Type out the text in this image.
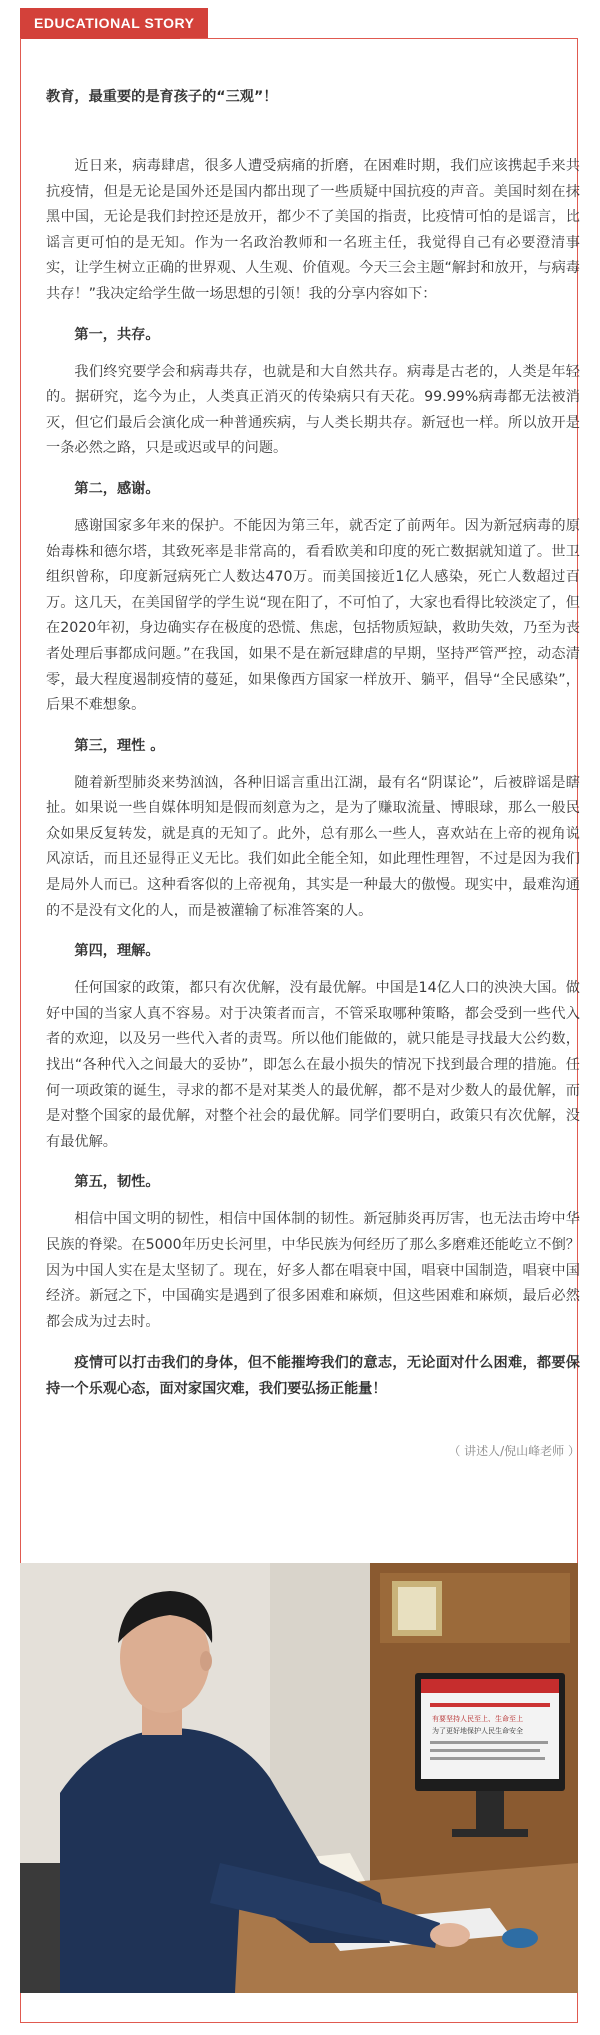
EDUCATIONAL STORY

教育，最重要的是育孩子的“三观”！

近日来，病毒肆虐，很多人遭受病痛的折磨，在困难时期，我们应该携起手来共抗疫情，但是无论是国外还是国内都出现了一些质疑中国抗疫的声音。美国时刻在抹黑中国，无论是我们封控还是放开，都少不了美国的指责，比疫情可怕的是谣言，比谣言更可怕的是无知。作为一名政治教师和一名班主任，我觉得自己有必要澄清事实，让学生树立正确的世界观、人生观、价值观。今天三会主题“解封和放开，与病毒共存！”我决定给学生做一场思想的引领！我的分享内容如下：

第一，共存。

我们终究要学会和病毒共存，也就是和大自然共存。病毒是古老的，人类是年轻的。据研究，迄今为止，人类真正消灭的传染病只有天花。99.99%病毒都无法被消灭，但它们最后会演化成一种普通疾病，与人类长期共存。新冠也一样。所以放开是一条必然之路，只是或迟或早的问题。

第二，感谢。

感谢国家多年来的保护。不能因为第三年，就否定了前两年。因为新冠病毒的原始毒株和德尔塔，其致死率是非常高的，看看欧美和印度的死亡数据就知道了。世卫组织曾称，印度新冠病死亡人数达470万。而美国接近1亿人感染，死亡人数超过百万。这几天，在美国留学的学生说“现在阳了，不可怕了，大家也看得比较淡定了，但在2020年初，身边确实存在极度的恐慌、焦虑，包括物质短缺，救助失效，乃至为丧者处理后事都成问题。”在我国，如果不是在新冠肆虐的早期，坚持严管严控，动态清零，最大程度遏制疫情的蔓延，如果像西方国家一样放开、躺平，倡导“全民感染”，后果不难想象。

第三，理性 。

随着新型肺炎来势汹汹，各种旧谣言重出江湖，最有名“阴谋论”，后被辟谣是瞎扯。如果说一些自媒体明知是假而刻意为之，是为了赚取流量、博眼球，那么一般民众如果反复转发，就是真的无知了。此外，总有那么一些人，喜欢站在上帝的视角说风凉话，而且还显得正义无比。我们如此全能全知，如此理性理智，不过是因为我们是局外人而已。这种看客似的上帝视角，其实是一种最大的傲慢。现实中，最难沟通的不是没有文化的人，而是被灌输了标准答案的人。

第四，理解。

任何国家的政策，都只有次优解，没有最优解。中国是14亿人口的泱泱大国。做好中国的当家人真不容易。对于决策者而言，不管采取哪种策略，都会受到一些代入者的欢迎，以及另一些代入者的责骂。所以他们能做的，就只能是寻找最大公约数，找出“各种代入之间最大的妥协”，即怎么在最小损失的情况下找到最合理的措施。任何一项政策的诞生，寻求的都不是对某类人的最优解，都不是对少数人的最优解，而是对整个国家的最优解，对整个社会的最优解。同学们要明白，政策只有次优解，没有最优解。

第五，韧性。

相信中国文明的韧性，相信中国体制的韧性。新冠肺炎再厉害，也无法击垮中华民族的脊梁。在5000年历史长河里，中华民族为何经历了那么多磨难还能屹立不倒？因为中国人实在是太坚韧了。现在，好多人都在唱衰中国，唱衰中国制造，唱衰中国经济。新冠之下，中国确实是遇到了很多困难和麻烦，但这些困难和麻烦，最后必然都会成为过去时。

疫情可以打击我们的身体，但不能摧垮我们的意志，无论面对什么困难，都要保持一个乐观心态，面对家国灾难，我们要弘扬正能量！

（ 讲述人/倪山峰老师 ）

有要坚持人民至上、生命至上
为了更好地保护人民生命安全
